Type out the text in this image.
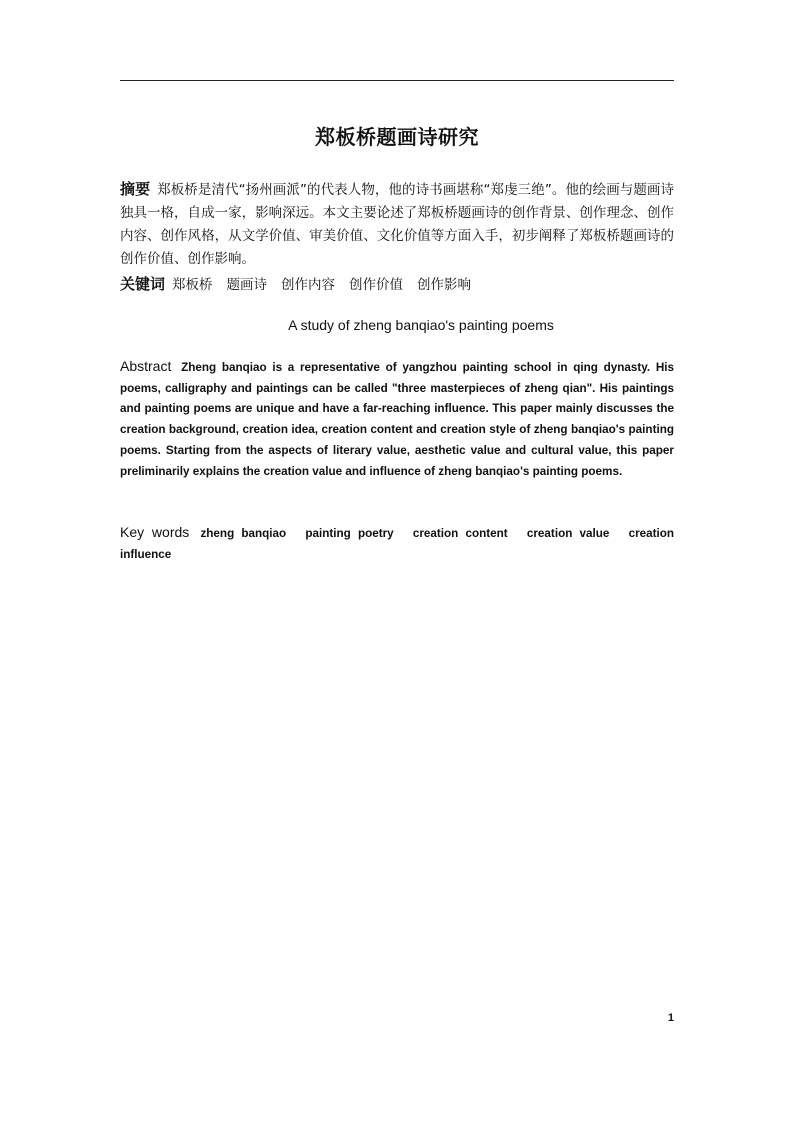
郑板桥题画诗研究
摘要 郑板桥是清代“扬州画派”的代表人物，他的诗书画堪称“郑虔三绝”。他的绘画与题画诗独具一格，自成一家，影响深远。本文主要论述了郑板桥题画诗的创作背景、创作理念、创作内容、创作风格，从文学价值、审美价值、文化价值等方面入手，初步阐释了郑板桥题画诗的创作价值、创作影响。
关键词 郑板桥 题画诗 创作内容 创作价值 创作影响
A study of zheng banqiao's painting poems
Abstract Zheng banqiao is a representative of yangzhou painting school in qing dynasty. His poems, calligraphy and paintings can be called "three masterpieces of zheng qian". His paintings and painting poems are unique and have a far-reaching influence. This paper mainly discusses the creation background, creation idea, creation content and creation style of zheng banqiao's painting poems. Starting from the aspects of literary value, aesthetic value and cultural value, this paper preliminarily explains the creation value and influence of zheng banqiao's painting poems.
Key words zheng banqiao painting poetry creation content creation value creation influence
1
